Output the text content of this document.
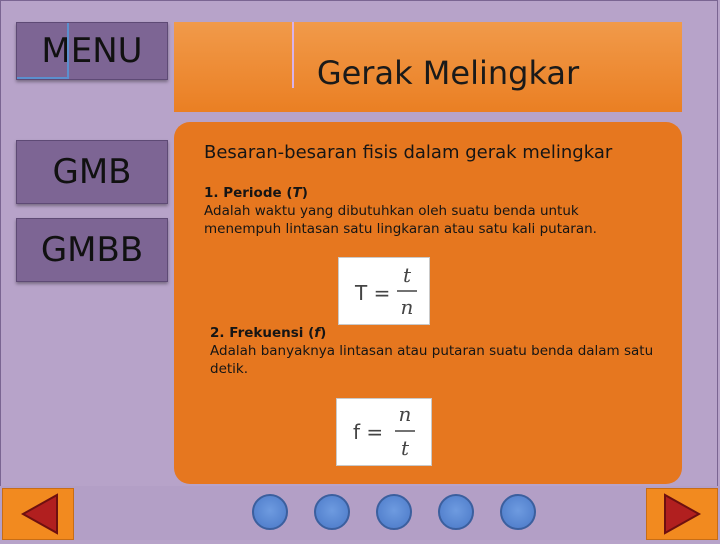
MENU
GMB
GMBB
Gerak Melingkar
Besaran-besaran fisis dalam gerak melingkar
1. Periode (T)
Adalah waktu yang dibutuhkan oleh suatu benda untuk menempuh lintasan satu lingkaran atau satu kali putaran.
T =
t
n
2. Frekuensi (f)
Adalah banyaknya lintasan atau putaran suatu benda dalam satu detik.
f =
n
t
